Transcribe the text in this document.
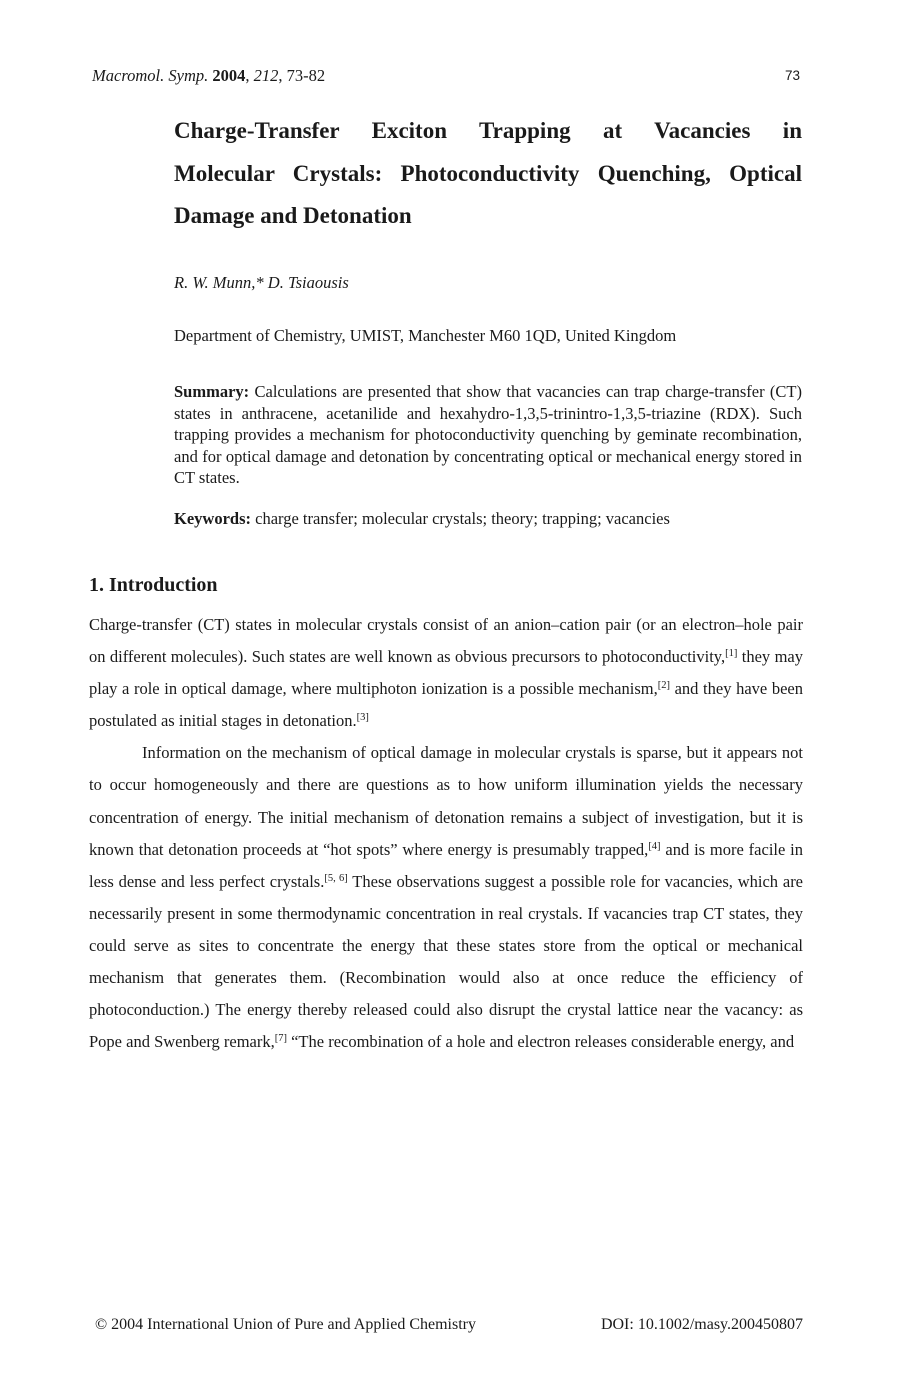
Macromol. Symp. 2004, 212, 73-82	73
Charge-Transfer Exciton Trapping at Vacancies in
Molecular Crystals: Photoconductivity Quenching, Optical
Damage and Detonation
R. W. Munn,* D. Tsiaousis
Department of Chemistry, UMIST, Manchester M60 1QD, United Kingdom

Summary: Calculations are presented that show that vacancies can trap charge-transfer (CT) states in anthracene, acetanilide and hexahydro-1,3,5-trinintro-1,3,5-triazine (RDX). Such trapping provides a mechanism for photoconductivity quenching by geminate recombination, and for optical damage and detonation by concentrating optical or mechanical energy stored in CT states.

Keywords: charge transfer; molecular crystals; theory; trapping; vacancies

1. Introduction

Charge-transfer (CT) states in molecular crystals consist of an anion–cation pair (or an electron–hole pair on different molecules). Such states are well known as obvious precursors to photoconductivity,[1] they may play a role in optical damage, where multiphoton ionization is a possible mechanism,[2] and they have been postulated as initial stages in detonation.[3]

Information on the mechanism of optical damage in molecular crystals is sparse, but it appears not to occur homogeneously and there are questions as to how uniform illumination yields the necessary concentration of energy. The initial mechanism of detonation remains a subject of investigation, but it is known that detonation proceeds at “hot spots” where energy is presumably trapped,[4] and is more facile in less dense and less perfect crystals.[5, 6] These observations suggest a possible role for vacancies, which are necessarily present in some thermodynamic concentration in real crystals. If vacancies trap CT states, they could serve as sites to concentrate the energy that these states store from the optical or mechanical mechanism that generates them. (Recombination would also at once reduce the efficiency of photoconduction.) The energy thereby released could also disrupt the crystal lattice near the vacancy: as Pope and Swenberg remark,[7] “The recombination of a hole and electron releases considerable energy, and

© 2004 International Union of Pure and Applied Chemistry	DOI: 10.1002/masy.200450807
